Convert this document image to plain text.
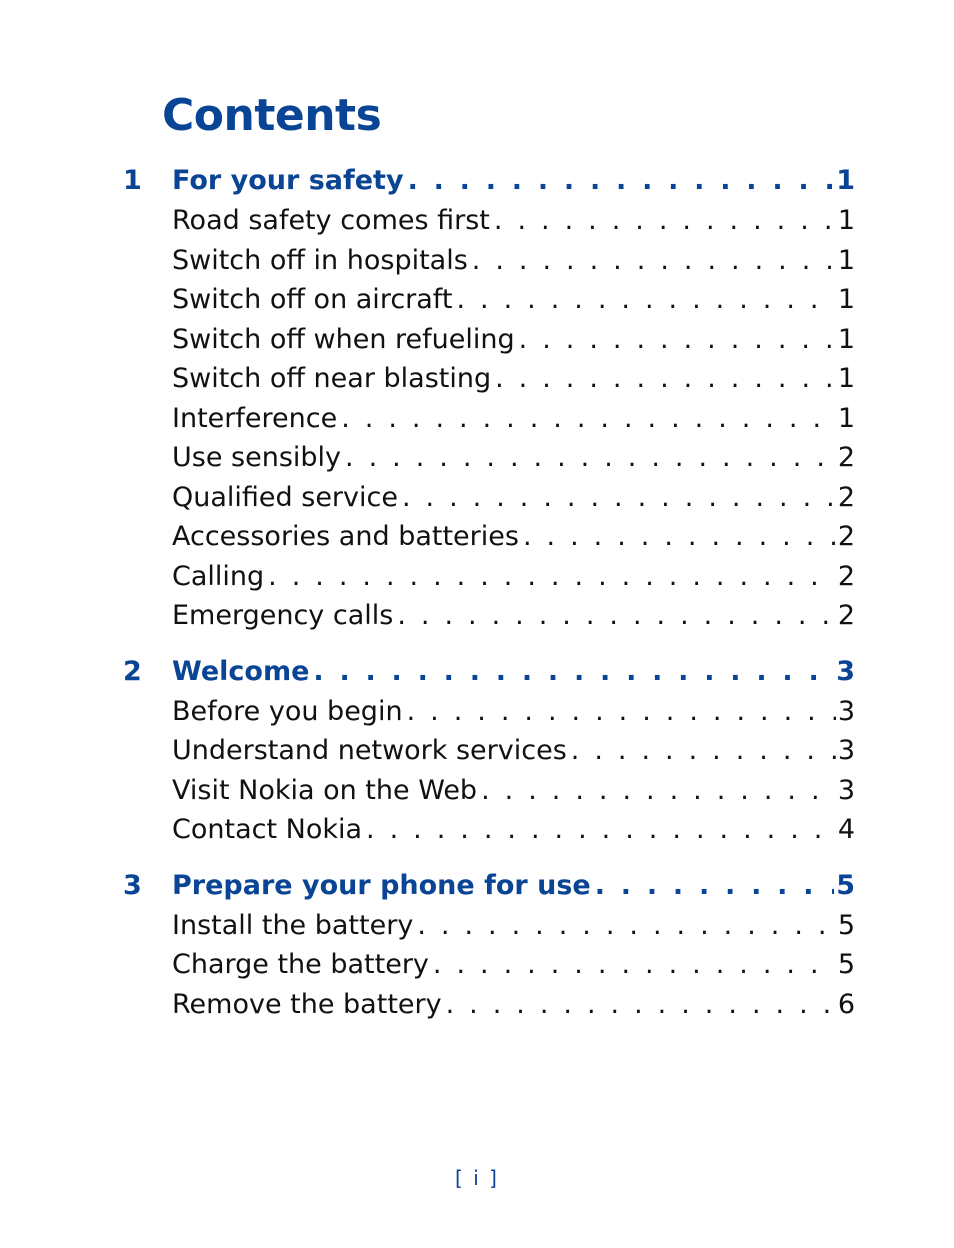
Contents
1 For your safety . . .	1
Road safety comes first . . .	1
Switch off in hospitals . . .	1
Switch off on aircraft . . .	1
Switch off when refueling . . .	1
Switch off near blasting . . .	1
Interference . . .	1
Use sensibly . . .	2
Qualified service . . .	2
Accessories and batteries . . .	2
Calling . . .	2
Emergency calls . . .	2
2 Welcome . . .	3
Before you begin . . .	3
Understand network services . . .	3
Visit Nokia on the Web . . .	3
Contact Nokia . . .	4
3 Prepare your phone for use . . .	5
Install the battery . . .	5
Charge the battery . . .	5
Remove the battery . . .	6
[ i ]
